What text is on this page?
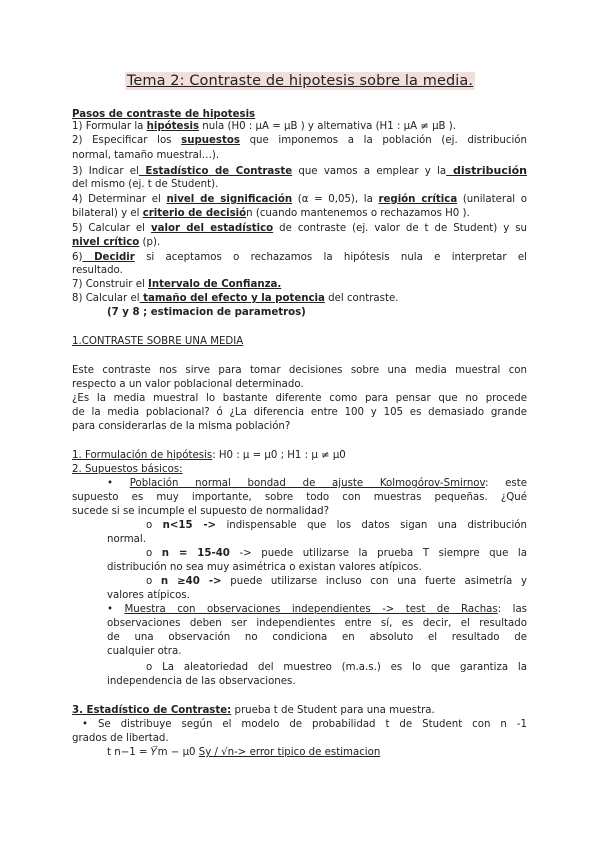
Tema 2: Contraste de hipotesis sobre la media.
Pasos de contraste de hipotesis
1) Formular la hipótesis nula (H0 : μA = μB ) y alternativa (H1 : μA ≠ μB ).
2) Especificar los supuestos que imponemos a la población (ej. distribución
normal, tamaño muestral…).
3) Indicar el Estadístico de Contraste que vamos a emplear y la distribución
del mismo (ej. t de Student).
4) Determinar el nivel de significación (α = 0,05), la región crítica (unilateral o
bilateral) y el criterio de decisión (cuando mantenemos o rechazamos H0 ).
5) Calcular el valor del estadístico de contraste (ej. valor de t de Student) y su
nivel crítico (p).
6) Decidir si aceptamos o rechazamos la hipótesis nula e interpretar el
resultado.
7) Construir el Intervalo de Confianza.
8) Calcular el tamaño del efecto y la potencia del contraste.
(7 y 8 ; estimacion de parametros)
1.CONTRASTE SOBRE UNA MEDIA
Este contraste nos sirve para tomar decisiones sobre una media muestral con
respecto a un valor poblacional determinado.
¿Es la media muestral lo bastante diferente como para pensar que no procede
de la media poblacional? ó ¿La diferencia entre 100 y 105 es demasiado grande
para considerarlas de la misma población?
1. Formulación de hipótesis: H0 : μ = μ0 ; H1 : μ ≠ μ0
2. Supuestos básicos:
• Población normal bondad de ajuste Kolmogórov-Smirnov: este
supuesto es muy importante, sobre todo con muestras pequeñas. ¿Qué
sucede si se incumple el supuesto de normalidad?
o n<15 -> indispensable que los datos sigan una distribución
normal.
o n = 15-40 -> puede utilizarse la prueba T siempre que la
distribución no sea muy asimétrica o existan valores atípicos.
o n ≥40 -> puede utilizarse incluso con una fuerte asimetría y
valores atípicos.
• Muestra con observaciones independientes -> test de Rachas: las
observaciones deben ser independientes entre sí, es decir, el resultado
de una observación no condiciona en absoluto el resultado de
cualquier otra.
o La aleatoriedad del muestreo (m.a.s.) es lo que garantiza la
independencia de las observaciones.
3. Estadístico de Contraste: prueba t de Student para una muestra.
• Se distribuye según el modelo de probabilidad t de Student con n -1
grados de libertad.
t n−1 = 𝑌̅m − μ0 Sy / √n-> error tipico de estimacion
